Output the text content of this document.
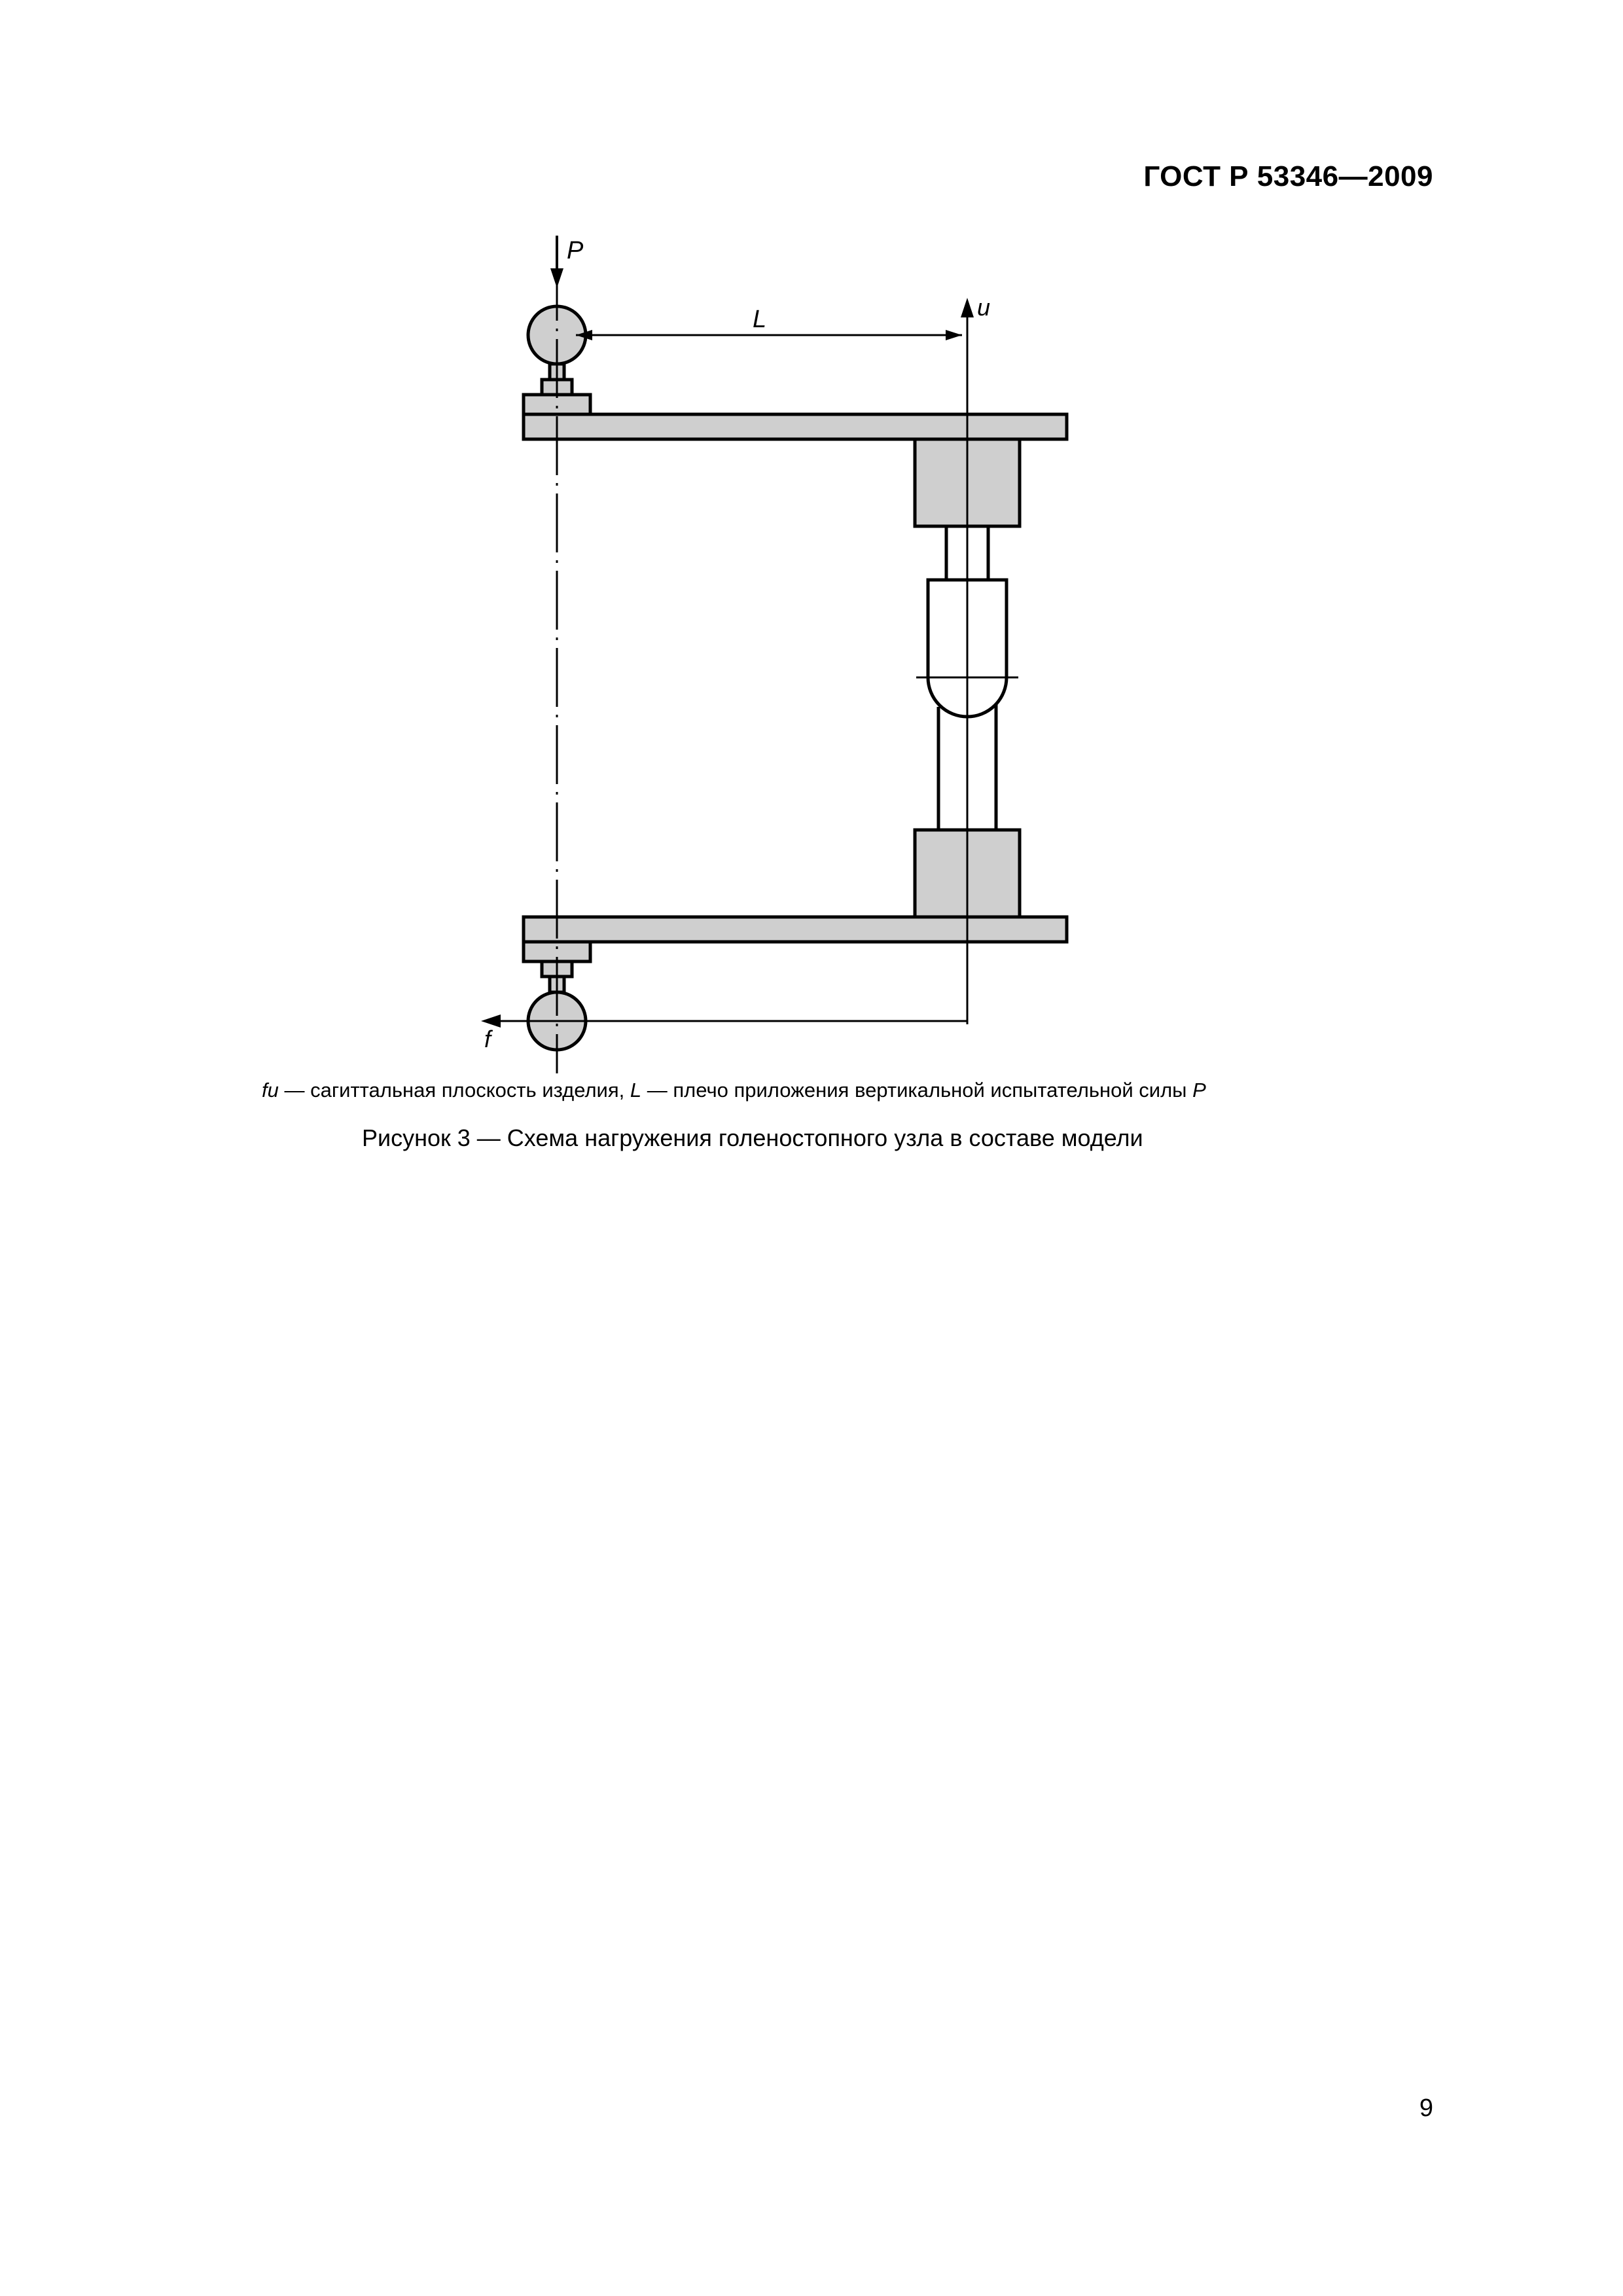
ГОСТ Р 53346—2009
P
L	u
f
fu — сагиттальная плоскость изделия, L — плечо приложения вертикальной испытательной силы P
Рисунок 3 — Схема нагружения голеностопного узла в составе модели
9
